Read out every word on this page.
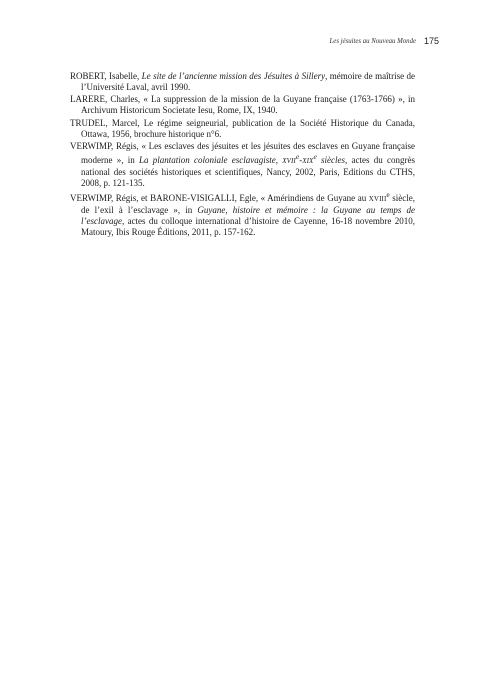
Les jésuites au Nouveau Monde 175

ROBERT, Isabelle, Le site de l’ancienne mission des Jésuites à Sillery, mémoire de maîtrise de l’Université Laval, avril 1990.

LARERE, Charles, « La suppression de la mission de la Guyane française (1763-1766) », in Archivum Historicum Societate Iesu, Rome, IX, 1940.

TRUDEL, Marcel, Le régime seigneurial, publication de la Société Historique du Canada, Ottawa, 1956, brochure historique n°6.

VERWIMP, Régis, « Les esclaves des jésuites et les jésuites des esclaves en Guyane française moderne », in La plantation coloniale esclavagiste, XVIIe-XIXe siècles, actes du congrès national des sociétés historiques et scientifiques, Nancy, 2002, Paris, Editions du CTHS, 2008, p. 121-135.

VERWIMP, Régis, et BARONE-VISIGALLI, Egle, « Amérindiens de Guyane au XVIIIe siècle, de l’exil à l’esclavage », in Guyane, histoire et mémoire : la Guyane au temps de l’esclavage, actes du colloque international d’histoire de Cayenne, 16-18 novembre 2010, Matoury, Ibis Rouge Éditions, 2011, p. 157-162.
